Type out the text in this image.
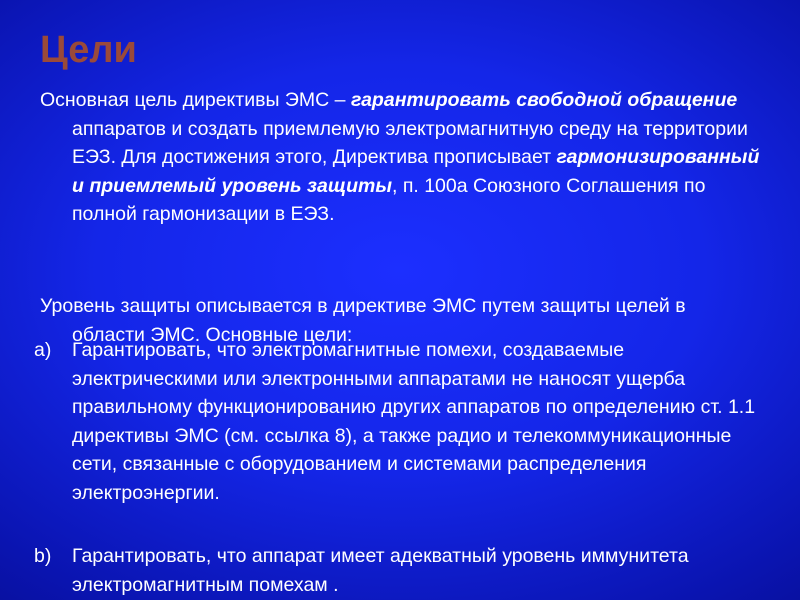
Цели
Основная цель директивы ЭМС – гарантировать свободной обращение аппаратов и создать приемлемую электромагнитную среду на территории ЕЭЗ. Для достижения этого, Директива прописывает гармонизированный и приемлемый уровень защиты, п. 100а Союзного Соглашения по полной гармонизации в ЕЭЗ.
Уровень защиты описывается в директиве ЭМС путем защиты целей в области ЭМС. Основные цели:
a)	Гарантировать, что электромагнитные помехи, создаваемые электрическими или электронными аппаратами не наносят ущерба правильному функционированию других аппаратов по определению ст. 1.1 директивы ЭМС (см. ссылка 8), а также радио и телекоммуникационные сети, связанные с оборудованием и системами распределения электроэнергии.
b)	Гарантировать, что аппарат имеет адекватный уровень иммунитета электромагнитным помехам .
